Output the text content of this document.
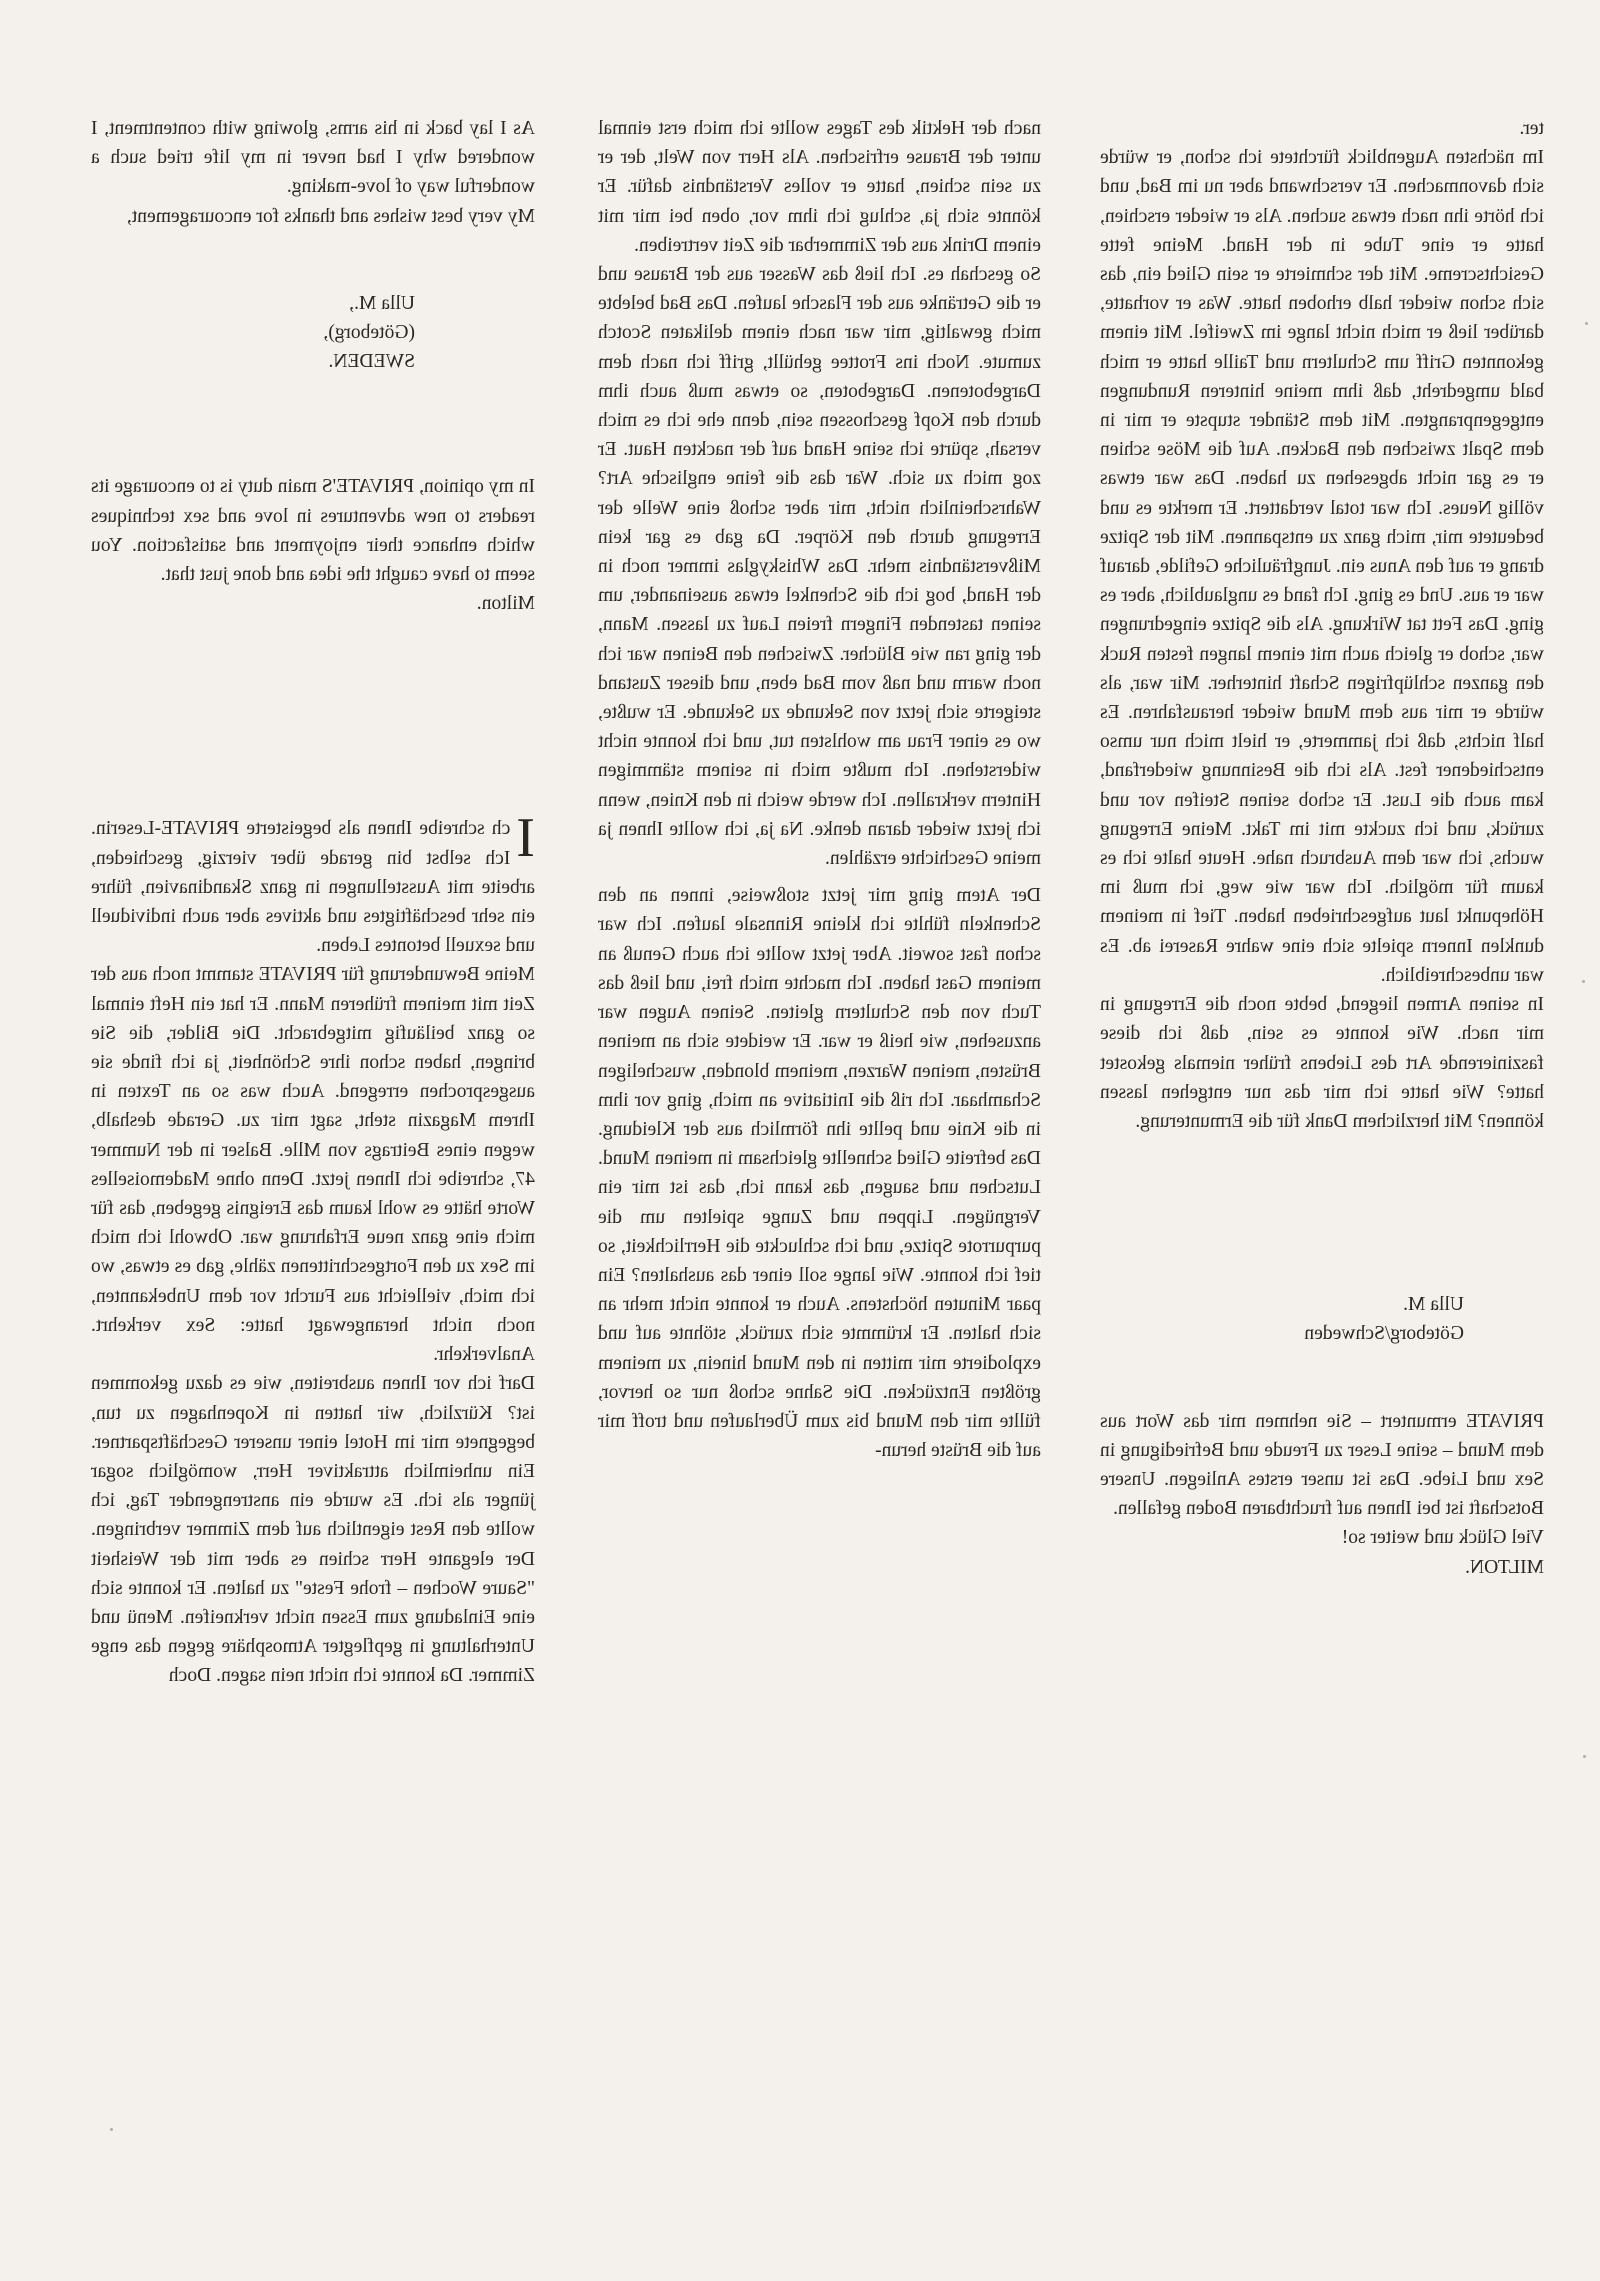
As I lay back in his arms, glowing with contentment, I wondered why I had never in my life tried such a wonderful way of love-making.

My very best wishes and thanks for encouragement,

Ulla M.,

(Göteborg),

SWEDEN.

In my opinion, PRIVATE'S main duty is to encourage its readers to new adventures in love and sex techniques which enhance their enjoyment and satisfaction. You seem to have caught the idea and done just that.

Milton.

I
ch schreibe Ihnen als begeisterte PRIVATE-Leserin. Ich selbst bin gerade über vierzig, geschieden, arbeite mit Ausstellungen in ganz Skandinavien, führe ein sehr beschäftigtes und aktives aber auch individuell und sexuell betontes Leben.

Meine Bewunderung für PRIVATE stammt noch aus der Zeit mit meinem früheren Mann. Er hat ein Heft einmal so ganz beiläufig mitgebracht. Die Bilder, die Sie bringen, haben schon ihre Schönheit, ja ich finde sie ausgesprochen erregend. Auch was so an Texten in Ihrem Magazin steht, sagt mir zu. Gerade deshalb, wegen eines Beitrags von Mlle. Balser in der Nummer 47, schreibe ich Ihnen jetzt. Denn ohne Mademoiselles Worte hätte es wohl kaum das Ereignis gegeben, das für mich eine ganz neue Erfahrung war. Obwohl ich mich im Sex zu den Fortgeschrittenen zähle, gab es etwas, wo ich mich, vielleicht aus Furcht vor dem Unbekannten, noch nicht herangewagt hatte: Sex verkehrt. Analverkehr.

Darf ich vor Ihnen ausbreiten, wie es dazu gekommen ist? Kürzlich, wir hatten in Kopenhagen zu tun, begegnete mir im Hotel einer unserer Geschäftspartner. Ein unheimlich attraktiver Herr, womöglich sogar jünger als ich. Es wurde ein anstrengender Tag, ich wollte den Rest eigentlich auf dem Zimmer verbringen. Der elegante Herr schien es aber mit der Weisheit "Saure Wochen – frohe Feste" zu halten. Er konnte sich eine Einladung zum Essen nicht verkneifen. Menü und Unterhaltung in gepflegter Atmosphäre gegen das enge Zimmer. Da konnte ich nicht nein sagen. Doch

nach der Hektik des Tages wollte ich mich erst einmal unter der Brause erfrischen. Als Herr von Welt, der er zu sein schien, hatte er volles Verständnis dafür. Er könnte sich ja, schlug ich ihm vor, oben bei mir mit einem Drink aus der Zimmerbar die Zeit vertreiben.

So geschah es. Ich ließ das Wasser aus der Brause und er die Getränke aus der Flasche laufen. Das Bad belebte mich gewaltig, mir war nach einem delikaten Scotch zumute. Noch ins Frottee gehüllt, griff ich nach dem Dargebotenen. Dargeboten, so etwas muß auch ihm durch den Kopf geschossen sein, denn ehe ich es mich versah, spürte ich seine Hand auf der nackten Haut. Er zog mich zu sich. War das die feine englische Art? Wahrscheinlich nicht, mir aber schoß eine Welle der Erregung durch den Körper. Da gab es gar kein Mißverständnis mehr. Das Whiskyglas immer noch in der Hand, bog ich die Schenkel etwas auseinander, um seinen tastenden Fingern freien Lauf zu lassen. Mann, der ging ran wie Blücher. Zwischen den Beinen war ich noch warm und naß vom Bad eben, und dieser Zustand steigerte sich jetzt von Sekunde zu Sekunde. Er wußte, wo es einer Frau am wohlsten tut, und ich konnte nicht widerstehen. Ich mußte mich in seinem stämmigen Hintern verkrallen. Ich werde weich in den Knien, wenn ich jetzt wieder daran denke. Na ja, ich wollte Ihnen ja meine Geschichte erzählen.

Der Atem ging mir jetzt stoßweise, innen an den Schenkeln fühlte ich kleine Rinnsale laufen. Ich war schon fast soweit. Aber jetzt wollte ich auch Genuß an meinem Gast haben. Ich machte mich frei, und ließ das Tuch von den Schultern gleiten. Seinen Augen war anzusehen, wie heiß er war. Er weidete sich an meinen Brüsten, meinen Warzen, meinem blonden, wuscheligen Schamhaar. Ich riß die Initiative an mich, ging vor ihm in die Knie und pellte ihn förmlich aus der Kleidung. Das befreite Glied schnellte gleichsam in meinen Mund. Lutschen und saugen, das kann ich, das ist mir ein Vergnügen. Lippen und Zunge spielten um die purpurrote Spitze, und ich schluckte die Herrlichkeit, so tief ich konnte. Wie lange soll einer das aushalten? Ein paar Minuten höchstens. Auch er konnte nicht mehr an sich halten. Er krümmte sich zurück, stöhnte auf und explodierte mir mitten in den Mund hinein, zu meinem größten Entzücken. Die Sahne schoß nur so hervor, füllte mir den Mund bis zum Überlaufen und troff mir auf die Brüste herun-

ter.

Im nächsten Augenblick fürchtete ich schon, er würde sich davonmachen. Er verschwand aber nu im Bad, und ich hörte ihn nach etwas suchen. Als er wieder erschien, hatte er eine Tube in der Hand. Meine fette Gesichtscreme. Mit der schmierte er sein Glied ein, das sich schon wieder halb erhoben hatte. Was er vorhatte, darüber ließ er mich nicht lange im Zweifel. Mit einem gekonnten Griff um Schultern und Taille hatte er mich bald umgedreht, daß ihm meine hinteren Rundungen entgegenprangten. Mit dem Ständer stupste er mir in dem Spalt zwischen den Backen. Auf die Möse schien er es gar nicht abgesehen zu haben. Das war etwas völlig Neues. Ich war total verdattert. Er merkte es und bedeutete mir, mich ganz zu entspannen. Mit der Spitze drang er auf den Anus ein. Jungfräuliche Gefilde, darauf war er aus. Und es ging. Ich fand es unglaublich, aber es ging. Das Fett tat Wirkung. Als die Spitze eingedrungen war, schob er gleich auch mit einem langen festen Ruck den ganzen schlüpfrigen Schaft hinterher. Mir war, als würde er mir aus dem Mund wieder herausfahren. Es half nichts, daß ich jammerte, er hielt mich nur umso entschiedener fest. Als ich die Besinnung wiederfand, kam auch die Lust. Er schob seinen Steifen vor und zurück, und ich zuckte mit im Takt. Meine Erregung wuchs, ich war dem Ausbruch nahe. Heute halte ich es kaum für möglich. Ich war wie weg, ich muß im Höhepunkt laut aufgeschrieben haben. Tief in meinem dunklen Innern spielte sich eine wahre Raserei ab. Es war unbeschreiblich.

In seinen Armen liegend, bebte noch die Erregung in mir nach. Wie konnte es sein, daß ich diese faszinierende Art des Liebens früher niemals gekostet hatte? Wie hatte ich mir das nur entgehen lassen können? Mit herzlichem Dank für die Ermunterung.

Ulla M.

Göteborg/Schweden

PRIVATE ermuntert – Sie nehmen mir das Wort aus dem Mund – seine Leser zu Freude und Befriedigung in Sex und Liebe. Das ist unser erstes Anliegen. Unsere Botschaft ist bei Ihnen auf fruchtbaren Boden gefallen.

Viel Glück und weiter so!

MILTON.
